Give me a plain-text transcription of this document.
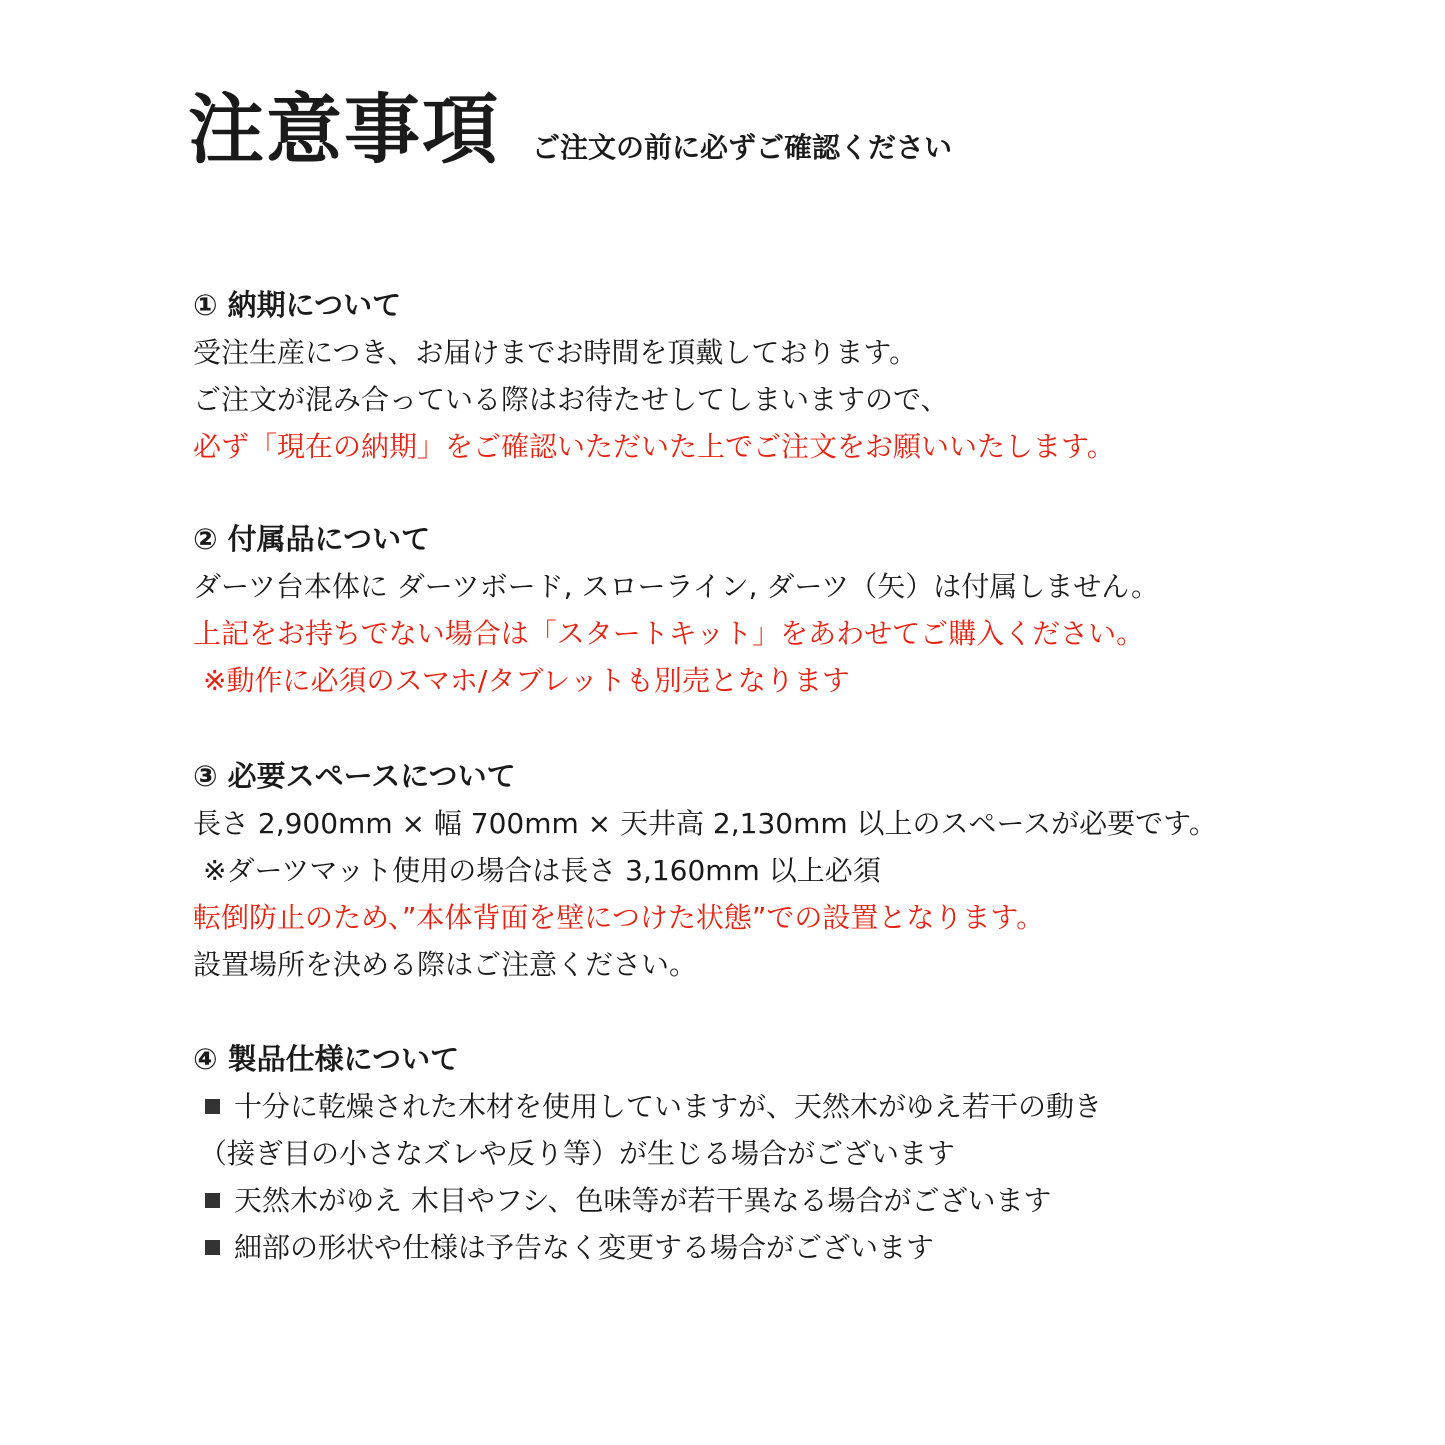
注意事項 ご注文の前に必ずご確認ください
① 納期について
受注生産につき、お届けまでお時間を頂戴しております。
ご注文が混み合っている際はお待たせしてしまいますので、
必ず「現在の納期」をご確認いただいた上でご注文をお願いいたします。
② 付属品について
ダーツ台本体に ダーツボード, スローライン, ダーツ（矢）は付属しません。
上記をお持ちでない場合は「スタートキット」をあわせてご購入ください。
※動作に必須のスマホ/タブレットも別売となります
③ 必要スペースについて
長さ 2,900mm × 幅 700mm × 天井高 2,130mm 以上のスペースが必要です。
※ダーツマット使用の場合は長さ 3,160mm 以上必須
転倒防止のため、”本体背面を壁につけた状態”での設置となります。
設置場所を決める際はご注意ください。
④ 製品仕様について
十分に乾燥された木材を使用していますが、天然木がゆえ若干の動き
（接ぎ目の小さなズレや反り等）が生じる場合がございます
天然木がゆえ 木目やフシ、色味等が若干異なる場合がございます
細部の形状や仕様は予告なく変更する場合がございます
